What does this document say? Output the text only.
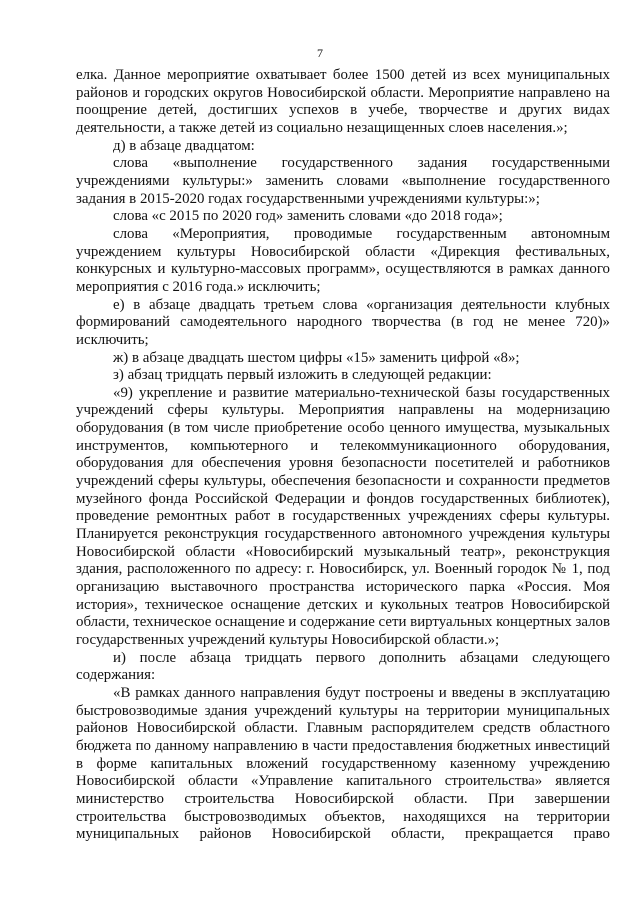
7

елка. Данное мероприятие охватывает более 1500 детей из всех муниципальных районов и городских округов Новосибирской области. Мероприятие направлено на поощрение детей, достигших успехов в учебе, творчестве и других видах деятельности, а также детей из социально незащищенных слоев населения.»;

д) в абзаце двадцатом:

слова «выполнение государственного задания государственными учреждениями культуры:» заменить словами «выполнение государственного задания в 2015-2020 годах государственными учреждениями культуры:»;

слова «с 2015 по 2020 год» заменить словами «до 2018 года»;

слова «Мероприятия, проводимые государственным автономным учреждением культуры Новосибирской области «Дирекция фестивальных, конкурсных и культурно-массовых программ», осуществляются в рамках данного мероприятия с 2016 года.» исключить;

е) в абзаце двадцать третьем слова «организация деятельности клубных формирований самодеятельного народного творчества (в год не менее 720)» исключить;

ж) в абзаце двадцать шестом цифры «15» заменить цифрой «8»;

з) абзац тридцать первый изложить в следующей редакции:

«9) укрепление и развитие материально-технической базы государственных учреждений сферы культуры. Мероприятия направлены на модернизацию оборудования (в том числе приобретение особо ценного имущества, музыкальных инструментов, компьютерного и телекоммуникационного оборудования, оборудования для обеспечения уровня безопасности посетителей и работников учреждений сферы культуры, обеспечения безопасности и сохранности предметов музейного фонда Российской Федерации и фондов государственных библиотек), проведение ремонтных работ в государственных учреждениях сферы культуры. Планируется реконструкция государственного автономного учреждения культуры Новосибирской области «Новосибирский музыкальный театр», реконструкция здания, расположенного по адресу: г. Новосибирск, ул. Военный городок № 1, под организацию выставочного пространства исторического парка «Россия. Моя история», техническое оснащение детских и кукольных театров Новосибирской области, техническое оснащение и содержание сети виртуальных концертных залов государственных учреждений культуры Новосибирской области.»;

и) после абзаца тридцать первого дополнить абзацами следующего содержания:

«В рамках данного направления будут построены и введены в эксплуатацию быстровозводимые здания учреждений культуры на территории муниципальных районов Новосибирской области. Главным распорядителем средств областного бюджета по данному направлению в части предоставления бюджетных инвестиций в форме капитальных вложений государственному казенному учреждению Новосибирской области «Управление капитального строительства» является министерство строительства Новосибирской области. При завершении строительства быстровозводимых объектов, находящихся на территории муниципальных районов Новосибирской области, прекращается право
